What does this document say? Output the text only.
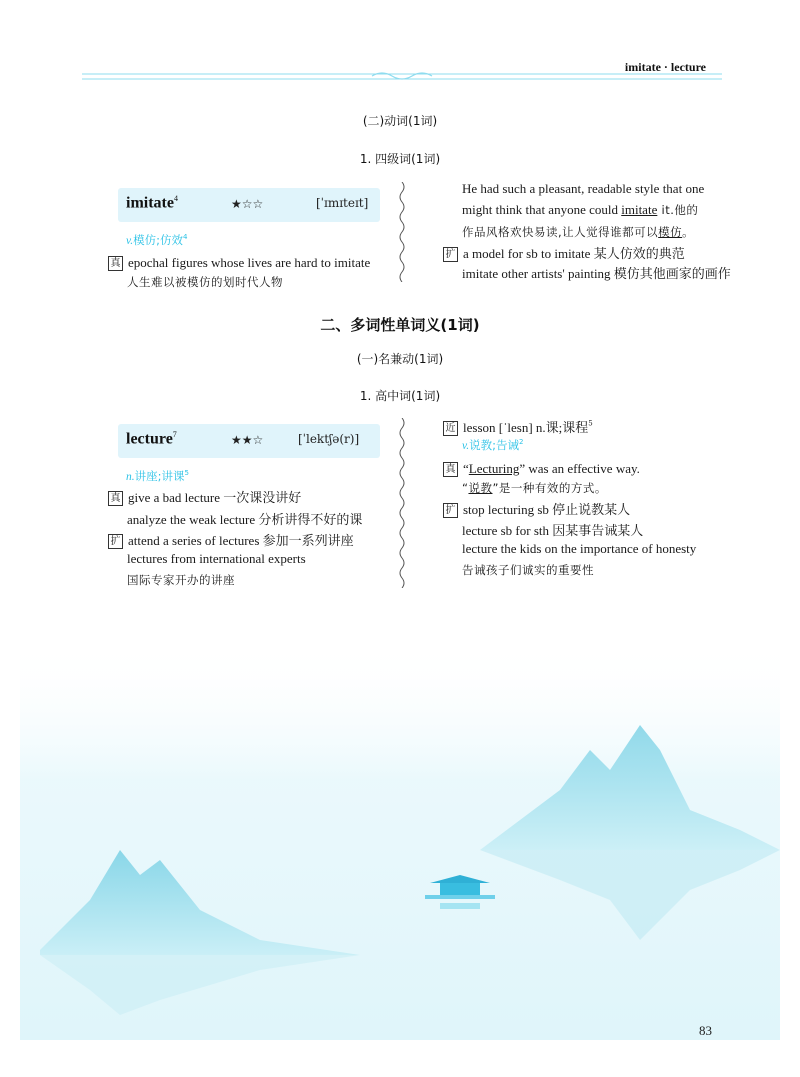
imitate · lecture
(二)动词(1词)
1. 四级词(1词)
imitate$^4$	★☆☆	[ˈɪmɪteɪt]
v.模仿;仿效$^4$
真 epochal figures whose lives are hard to imitate
人生难以被模仿的划时代人物
He had such a pleasant, readable style that one
might think that anyone could imitate it.他的
作品风格欢快易读,让人觉得谁都可以模仿。
扩 a model for sb to imitate 某人仿效的典范
imitate other artists' painting 模仿其他画家的画作
二、多词性单词义(1词)
(一)名兼动(1词)
1. 高中词(1词)
lecture$^7$	★★☆	[ˈlektʃə(r)]
n.讲座;讲课$^5$
真 give a bad lecture 一次课没讲好
analyze the weak lecture 分析讲得不好的课
扩 attend a series of lectures 参加一系列讲座
lectures from international experts
国际专家开办的讲座
近 lesson [ˈlesn] n.课;课程$^5$
v.说教;告诫$^2$
真 “Lecturing” was an effective way.
“说教”是一种有效的方式。
扩 stop lecturing sb 停止说教某人
lecture sb for sth 因某事告诫某人
lecture the kids on the importance of honesty
告诫孩子们诚实的重要性
83
